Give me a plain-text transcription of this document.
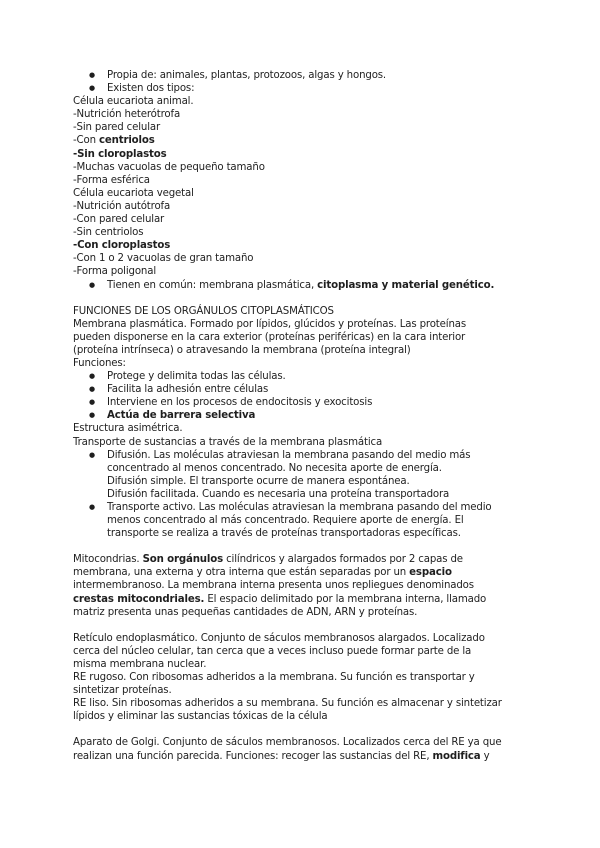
● Propia de: animales, plantas, protozoos, algas y hongos.
● Existen dos tipos:
Célula eucariota animal.
-Nutrición heterótrofa
-Sin pared celular
-Con centriolos
-Sin cloroplastos
-Muchas vacuolas de pequeño tamaño
-Forma esférica
Célula eucariota vegetal
-Nutrición autótrofa
-Con pared celular
-Sin centriolos
-Con cloroplastos
-Con 1 o 2 vacuolas de gran tamaño
-Forma poligonal
● Tienen en común: membrana plasmática, citoplasma y material genético.
FUNCIONES DE LOS ORGÁNULOS CITOPLASMÁTICOS
Membrana plasmática. Formado por lípidos, glúcidos y proteínas. Las proteínas
pueden disponerse en la cara exterior (proteínas periféricas) en la cara interior
(proteína intrínseca) o atravesando la membrana (proteína integral)
Funciones:
● Protege y delimita todas las células.
● Facilita la adhesión entre células
● Interviene en los procesos de endocitosis y exocitosis
● Actúa de barrera selectiva
Estructura asimétrica.
Transporte de sustancias a través de la membrana plasmática
● Difusión. Las moléculas atraviesan la membrana pasando del medio más
concentrado al menos concentrado. No necesita aporte de energía.
Difusión simple. El transporte ocurre de manera espontánea.
Difusión facilitada. Cuando es necesaria una proteína transportadora
● Transporte activo. Las moléculas atraviesan la membrana pasando del medio
menos concentrado al más concentrado. Requiere aporte de energía. El
transporte se realiza a través de proteínas transportadoras específicas.
Mitocondrias. Son orgánulos cilíndricos y alargados formados por 2 capas de
membrana, una externa y otra interna que están separadas por un espacio
intermembranoso. La membrana interna presenta unos repliegues denominados
crestas mitocondriales. El espacio delimitado por la membrana interna, llamado
matriz presenta unas pequeñas cantidades de ADN, ARN y proteínas.
Retículo endoplasmático. Conjunto de sáculos membranosos alargados. Localizado
cerca del núcleo celular, tan cerca que a veces incluso puede formar parte de la
misma membrana nuclear.
RE rugoso. Con ribosomas adheridos a la membrana. Su función es transportar y
sintetizar proteínas.
RE liso. Sin ribosomas adheridos a su membrana. Su función es almacenar y sintetizar
lípidos y eliminar las sustancias tóxicas de la célula
Aparato de Golgi. Conjunto de sáculos membranosos. Localizados cerca del RE ya que
realizan una función parecida. Funciones: recoger las sustancias del RE, modifica y
